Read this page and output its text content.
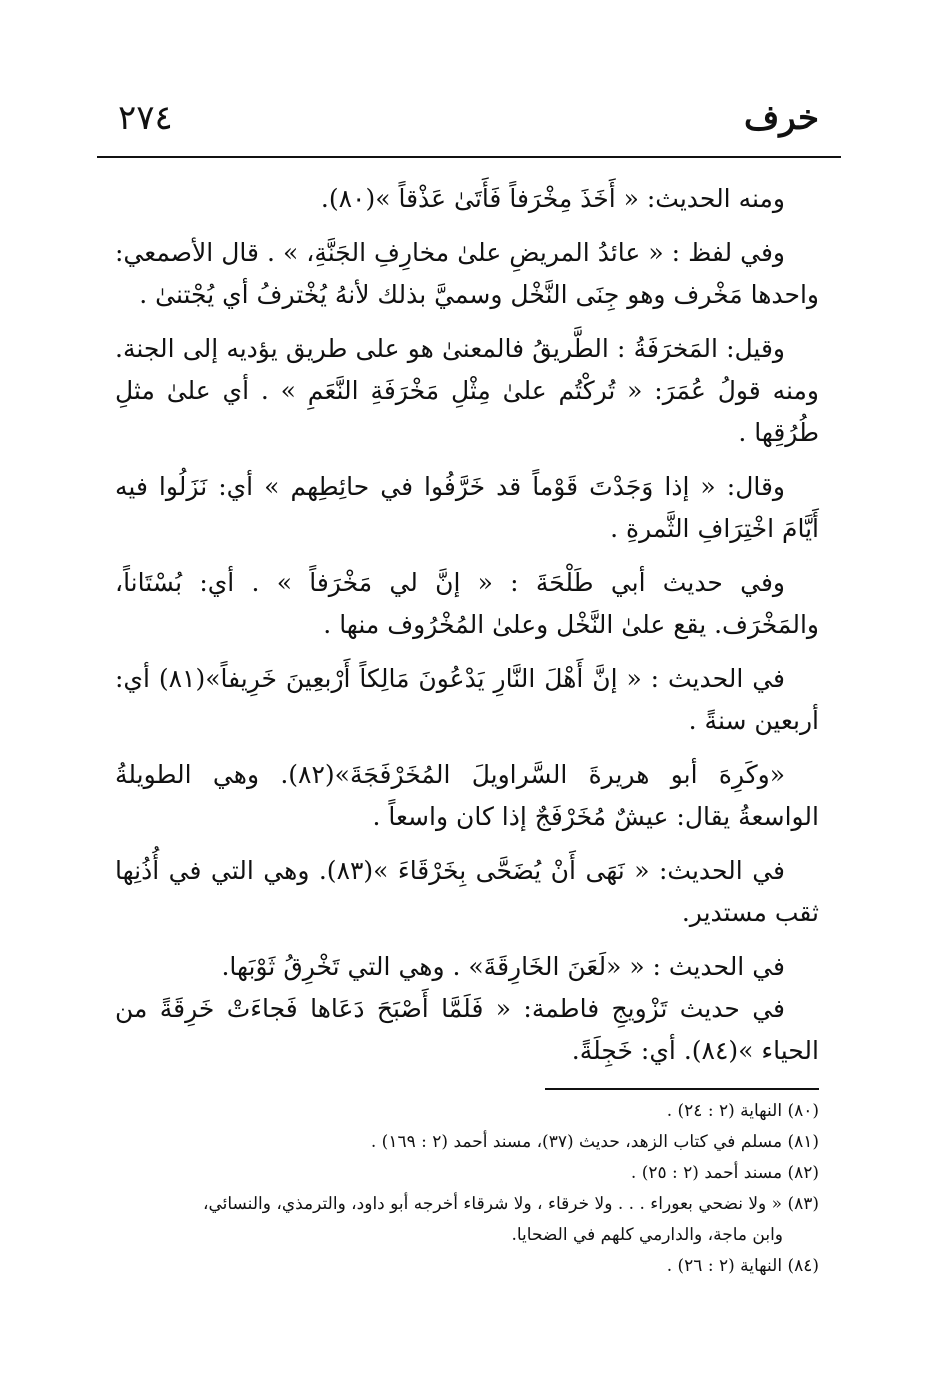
خرف
٢٧٤

ومنه الحديث: « أَخَذَ مِخْرَفاً فَأَتَىٰ عَذْقاً »(٨٠).

وفي لفظ : « عائدُ المريضِ علىٰ مخارِفِ الجَنَّةِ، » . قال الأصمعي: واحدها مَخْرف وهو جِنَى النَّخْل وسميَّ بذلك لأنهُ يُخْترفُ أي يُجْتنىٰ .

وقيل: المَخرَفَةُ : الطَّريقُ فالمعنىٰ هو على طريق يؤديه إلى الجنة. ومنه قولُ عُمَرَ: « تُركْتُم علىٰ مِثْلِ مَخْرَفَةِ النَّعَمِ » . أي علىٰ مثلِ طُرُقِها .

وقال: « إذا وَجَدْتَ قَوْماً قد خَرَّفُوا في حائِطِهم » أي: نَزَلُوا فيه أَيَّامَ اخْتِرَافِ الثَّمرةِ .

وفي حديث أبي طَلْحَةَ : « إنَّ لي مَخْرَفاً » . أي: بُسْتَاناً، والمَخْرَف. يقع علىٰ النَّخْل وعلىٰ المُخْرُوف منها .

في الحديث : « إنَّ أَهْلَ النَّارِ يَدْعُونَ مَالِكاً أَرْبعِينَ خَرِيفاً»(٨١) أي: أربعين سنةً .

«وكَرِهَ أبو هريرةَ السَّراويلَ المُخَرْفَجَةَ»(٨٢). وهي الطويلةُ الواسعةُ يقال: عيشٌ مُخَرْفَجٌ إذا كان واسعاً .

في الحديث: « نَهَى أَنْ يُضَحَّى بِخَرْقَاءَ »(٨٣). وهي التي في أُذُنِها ثقب مستدير.

في الحديث : « «لَعَنَ الخَارِقَةَ» . وهي التي تَخْرِقُ ثَوْبَها.

في حديث تَزْويجِ فاطمة: « فَلَمَّا أَصْبَحَ دَعَاها فَجاءَتْ خَرِقَةً من الحياء »(٨٤). أي: خَجِلَةً.

(٨٠) النهاية (٢ : ٢٤) .

(٨١) مسلم في كتاب الزهد، حديث (٣٧)، مسند أحمد (٢ : ١٦٩) .

(٨٢) مسند أحمد (٢ : ٢٥) .

(٨٣) « ولا نضحي بعوراء . . . ولا خرقاء ، ولا شرقاء أخرجه أبو داود، والترمذي، والنسائي،

وابن ماجة، والدارمي كلهم في الضحايا.

(٨٤) النهاية (٢ : ٢٦) .
